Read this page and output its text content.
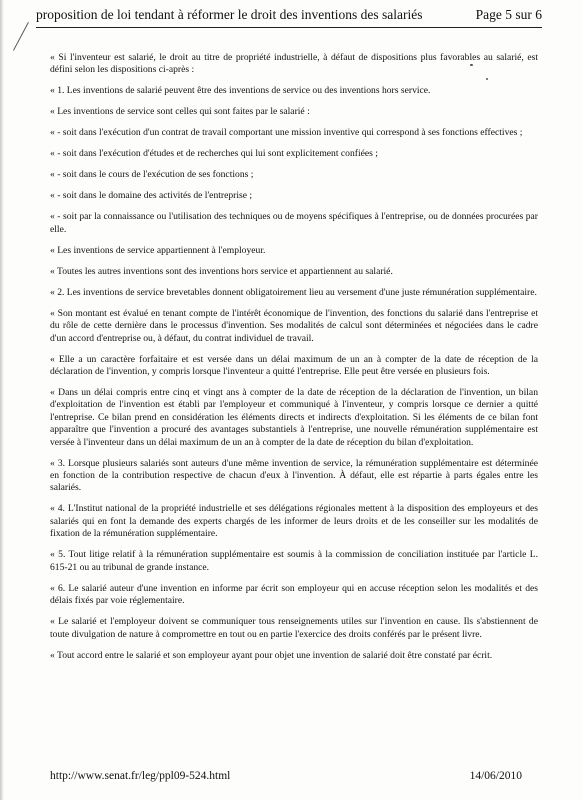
proposition de loi tendant à réformer le droit des inventions des salariés	Page 5 sur 6

« Si l'inventeur est salarié, le droit au titre de propriété industrielle, à défaut de dispositions plus favorables au salarié, est défini selon les dispositions ci-après :

« 1. Les inventions de salarié peuvent être des inventions de service ou des inventions hors service.

« Les inventions de service sont celles qui sont faites par le salarié :

« - soit dans l'exécution d'un contrat de travail comportant une mission inventive qui correspond à ses fonctions effectives ;

« - soit dans l'exécution d'études et de recherches qui lui sont explicitement confiées ;

« - soit dans le cours de l'exécution de ses fonctions ;

« - soit dans le domaine des activités de l'entreprise ;

« - soit par la connaissance ou l'utilisation des techniques ou de moyens spécifiques à l'entreprise, ou de données procurées par elle.

« Les inventions de service appartiennent à l'employeur.

« Toutes les autres inventions sont des inventions hors service et appartiennent au salarié.

« 2. Les inventions de service brevetables donnent obligatoirement lieu au versement d'une juste rémunération supplémentaire.

« Son montant est évalué en tenant compte de l'intérêt économique de l'invention, des fonctions du salarié dans l'entreprise et du rôle de cette dernière dans le processus d'invention. Ses modalités de calcul sont déterminées et négociées dans le cadre d'un accord d'entreprise ou, à défaut, du contrat individuel de travail.

« Elle a un caractère forfaitaire et est versée dans un délai maximum de un an à compter de la date de réception de la déclaration de l'invention, y compris lorsque l'inventeur a quitté l'entreprise. Elle peut être versée en plusieurs fois.

« Dans un délai compris entre cinq et vingt ans à compter de la date de réception de la déclaration de l'invention, un bilan d'exploitation de l'invention est établi par l'employeur et communiqué à l'inventeur, y compris lorsque ce dernier a quitté l'entreprise. Ce bilan prend en considération les éléments directs et indirects d'exploitation. Si les éléments de ce bilan font apparaître que l'invention a procuré des avantages substantiels à l'entreprise, une nouvelle rémunération supplémentaire est versée à l'inventeur dans un délai maximum de un an à compter de la date de réception du bilan d'exploitation.

« 3. Lorsque plusieurs salariés sont auteurs d'une même invention de service, la rémunération supplémentaire est déterminée en fonction de la contribution respective de chacun d'eux à l'invention. À défaut, elle est répartie à parts égales entre les salariés.

« 4. L'Institut national de la propriété industrielle et ses délégations régionales mettent à la disposition des employeurs et des salariés qui en font la demande des experts chargés de les informer de leurs droits et de les conseiller sur les modalités de fixation de la rémunération supplémentaire.

« 5. Tout litige relatif à la rémunération supplémentaire est soumis à la commission de conciliation instituée par l'article L. 615-21 ou au tribunal de grande instance.

« 6. Le salarié auteur d'une invention en informe par écrit son employeur qui en accuse réception selon les modalités et des délais fixés par voie réglementaire.

« Le salarié et l'employeur doivent se communiquer tous renseignements utiles sur l'invention en cause. Ils s'abstiennent de toute divulgation de nature à compromettre en tout ou en partie l'exercice des droits conférés par le présent livre.

« Tout accord entre le salarié et son employeur ayant pour objet une invention de salarié doit être constaté par écrit.

http://www.senat.fr/leg/ppl09-524.html	14/06/2010
